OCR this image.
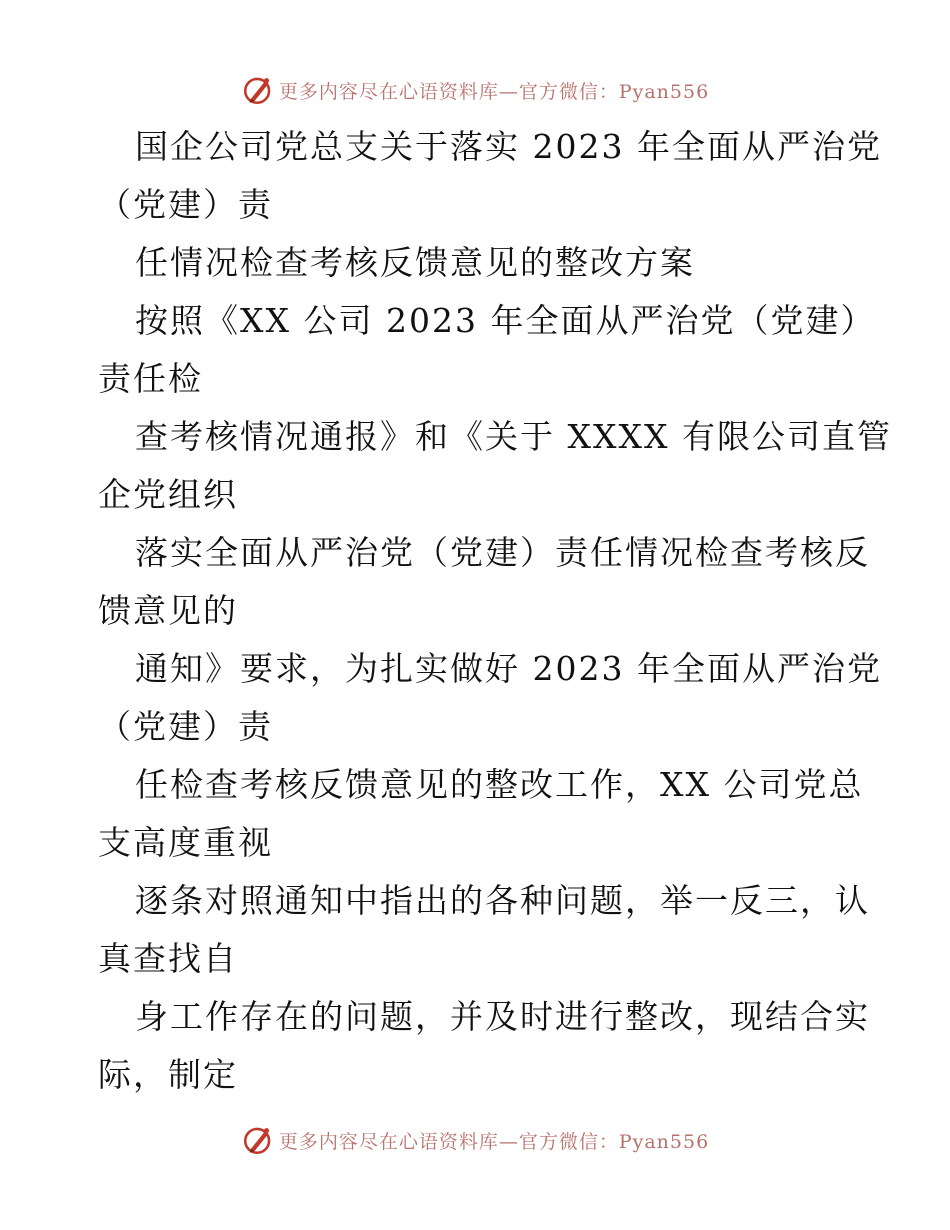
更多内容尽在心语资料库—官方微信：Pyan556
国企公司党总支关于落实 2023 年全面从严治党
（党建）责
任情况检查考核反馈意见的整改方案
按照《XX 公司 2023 年全面从严治党（党建）
责任检
查考核情况通报》和《关于 XXXX 有限公司直管
企党组织
落实全面从严治党（党建）责任情况检查考核反
馈意见的
通知》要求，为扎实做好 2023 年全面从严治党
（党建）责
任检查考核反馈意见的整改工作，XX 公司党总
支高度重视
逐条对照通知中指出的各种问题，举一反三，认
真查找自
身工作存在的问题，并及时进行整改，现结合实
际，制定
更多内容尽在心语资料库—官方微信：Pyan556
